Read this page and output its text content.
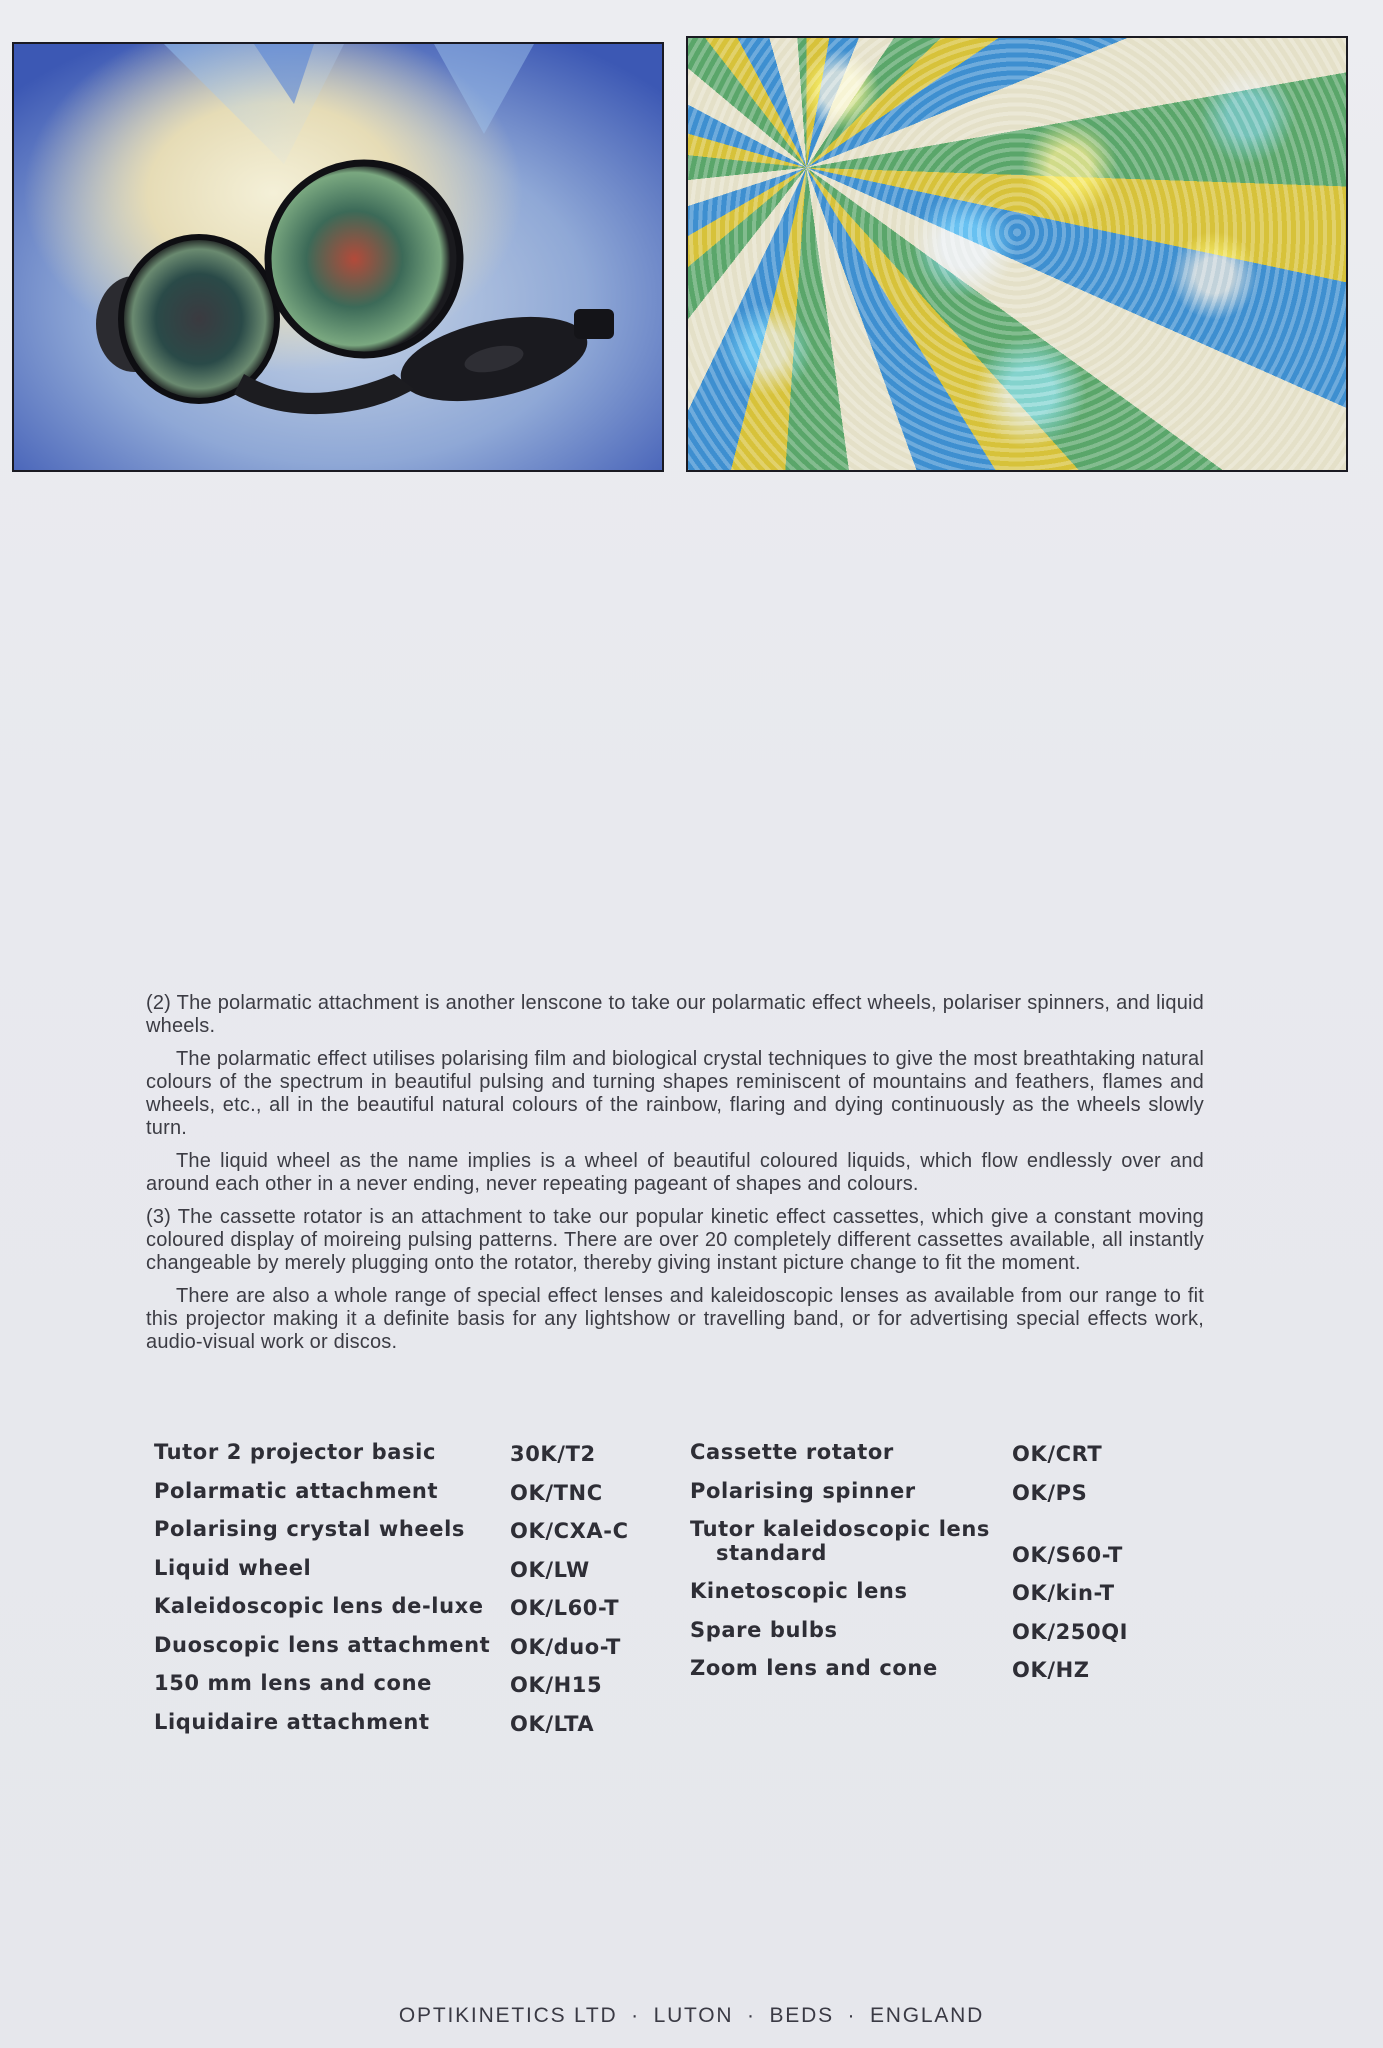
(2) The polarmatic attachment is another lenscone to take our polarmatic effect wheels, polariser spinners, and liquid wheels.

The polarmatic effect utilises polarising film and biological crystal techniques to give the most breathtaking natural colours of the spectrum in beautiful pulsing and turning shapes reminiscent of mountains and feathers, flames and wheels, etc., all in the beautiful natural colours of the rainbow, flaring and dying continuously as the wheels slowly turn.

The liquid wheel as the name implies is a wheel of beautiful coloured liquids, which flow endlessly over and around each other in a never ending, never repeating pageant of shapes and colours.

(3) The cassette rotator is an attachment to take our popular kinetic effect cassettes, which give a constant moving coloured display of moireing pulsing patterns. There are over 20 completely different cassettes available, all instantly changeable by merely plugging onto the rotator, thereby giving instant picture change to fit the moment.

There are also a whole range of special effect lenses and kaleidoscopic lenses as available from our range to fit this projector making it a definite basis for any lightshow or travelling band, or for advertising special effects work, audio-visual work or discos.

Tutor 2 projector basic	30K/T2
Polarmatic attachment	OK/TNC
Polarising crystal wheels	OK/CXA-C
Liquid wheel	OK/LW
Kaleidoscopic lens de-luxe	OK/L60-T
Duoscopic lens attachment OK/duo-T
150 mm lens and cone	OK/H15
Liquidaire attachment	OK/LTA
Cassette rotator	OK/CRT
Polarising spinner	OK/PS
Tutor kaleidoscopic lens
standard	OK/S60-T
Kinetoscopic lens	OK/kin-T
Spare bulbs	OK/250QI
Zoom lens and cone	OK/HZ
OPTIKINETICS LTD · LUTON · BEDS · ENGLAND
